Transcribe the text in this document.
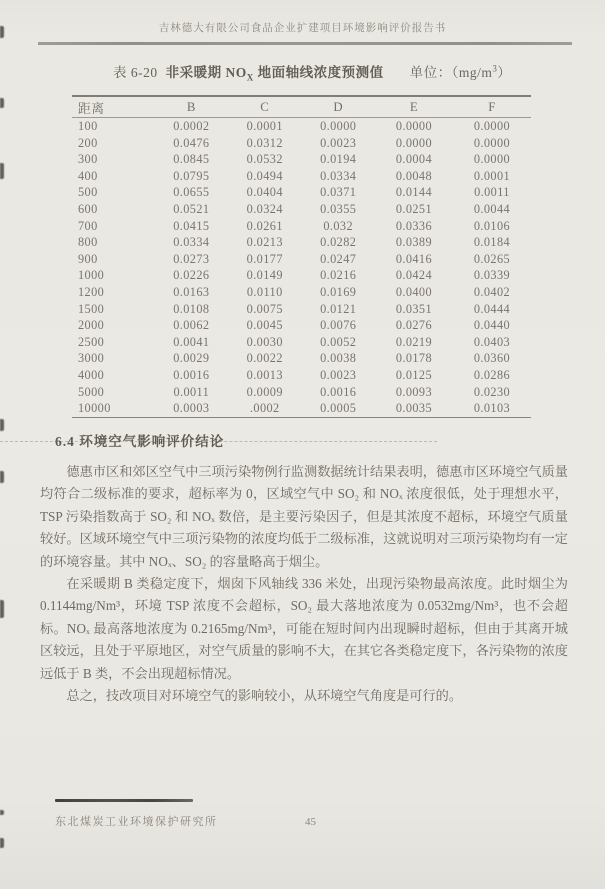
吉林德大有限公司食品企业扩建项目环境影响评价报告书
表 6-20 非采暖期 $NO_X$ 地面轴线浓度预测值 单位：$(mg/m^3)$
距离	B	C	D	E	F
100	0.0002	0.0001	0.0000	0.0000	0.0000
200	0.0476	0.0312	0.0023	0.0000	0.0000
300	0.0845	0.0532	0.0194	0.0004	0.0000
400	0.0795	0.0494	0.0334	0.0048	0.0001
500	0.0655	0.0404	0.0371	0.0144	0.0011
600	0.0521	0.0324	0.0355	0.0251	0.0044
700	0.0415	0.0261	0.032	0.0336	0.0106
800	0.0334	0.0213	0.0282	0.0389	0.0184
900	0.0273	0.0177	0.0247	0.0416	0.0265
1000	0.0226	0.0149	0.0216	0.0424	0.0339
1200	0.0163	0.0110	0.0169	0.0400	0.0402
1500	0.0108	0.0075	0.0121	0.0351	0.0444
2000	0.0062	0.0045	0.0076	0.0276	0.0440
2500	0.0041	0.0030	0.0052	0.0219	0.0403
3000	0.0029	0.0022	0.0038	0.0178	0.0360
4000	0.0016	0.0013	0.0023	0.0125	0.0286
5000	0.0011	0.0009	0.0016	0.0093	0.0230
10000	0.0003	.0002	0.0005	0.0035	0.0103
6.4 环境空气影响评价结论

德惠市区和郊区空气中三项污染物例行监测数据统计结果表明，德惠市区环境空气质量均符合二级标准的要求，超标率为 0，区域空气中 SO₂ 和 NOₓ 浓度很低，处于理想水平，TSP 污染指数高于 SO₂ 和 NOₓ 数倍，是主要污染因子，但是其浓度不超标，环境空气质量较好。区域环境空气中三项污染物的浓度均低于二级标准，这就说明对三项污染物均有一定的环境容量。其中 NOₓ、SO₂ 的容量略高于烟尘。

在采暖期 B 类稳定度下，烟囱下风轴线 336 米处，出现污染物最高浓度。此时烟尘为 0.1144mg/Nm³，环境 TSP 浓度不会超标，SO₂ 最大落地浓度为 0.0532mg/Nm³，也不会超标。NOₓ 最高落地浓度为 0.2165mg/Nm³，可能在短时间内出现瞬时超标，但由于其离开城区较远，且处于平原地区，对空气质量的影响不大，在其它各类稳定度下，各污染物的浓度远低于 B 类，不会出现超标情况。

总之，技改项目对环境空气的影响较小，从环境空气角度是可行的。

东北煤炭工业环境保护研究所	45
